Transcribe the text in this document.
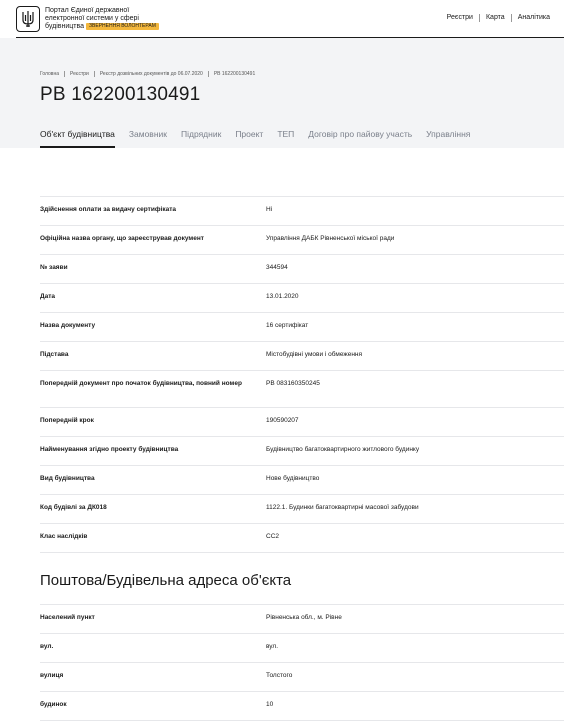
Портал Єдиної державної
електронної системи у сфері
будівництва ЗВЕРНЕННЯ ВОЛОНТЕРАМ
Реєстри	Карта	Аналітика
Головна	Реєстри	Реєстр дозвільних документів до 06.07.2020	РВ 162200130491
РВ 162200130491
Об'єкт будівництва Замовник Підрядник Проект ТЕП Договір про пайову участь Управління
Здійснення оплати за видачу сертифіката	Ні
Офіційна назва органу, що зареєстрував документ	Управління ДАБК Рівненської міської ради
№ заяви	344594
Дата	13.01.2020
Назва документу	16 сертифікат
Підстава	Містобудівні умови і обмеження
Попередній документ про початок будівництва, повний номер	РВ 083160350245
Попередній крок	190590207
Найменування згідно проекту будівництва	Будівництво багатоквартирного житлового будинку
Вид будівництва	Нове будівництво
Код будівлі за ДК018	1122.1. Будинки багатоквартирні масової забудови
Клас наслідків	СС2
Поштова/Будівельна адреса об'єкта
Населений пункт	Рівненська обл., м. Рівне
вул.	вул.
вулиця	Толстого
будинок	10
